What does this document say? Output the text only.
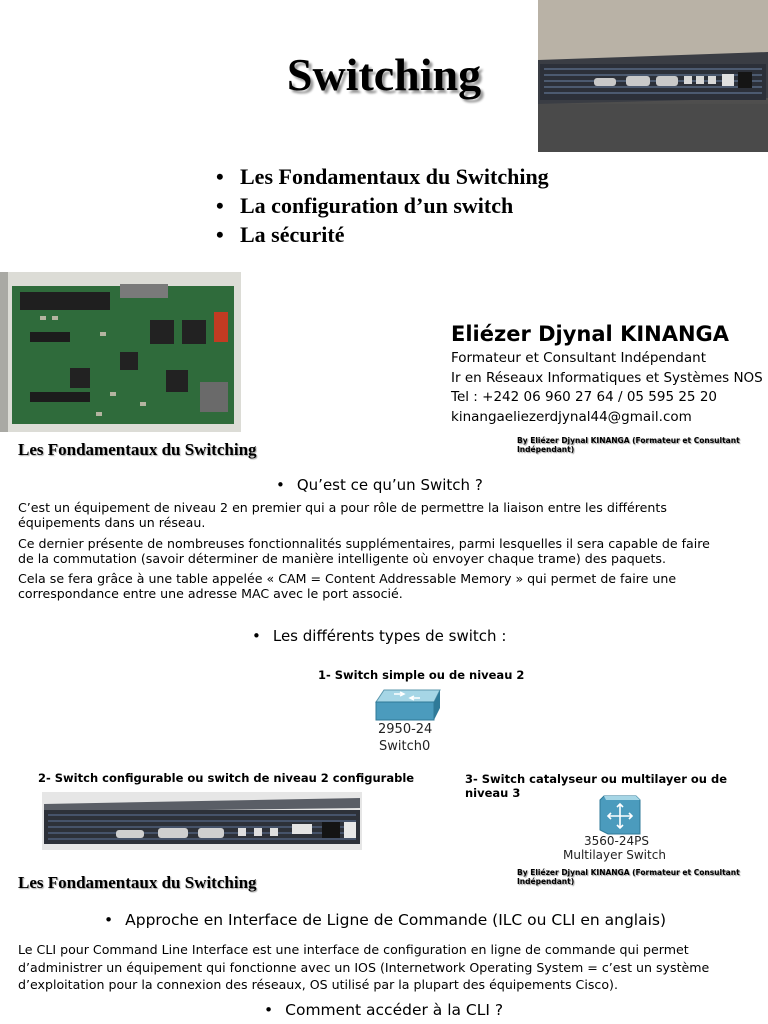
Switching
• Les Fondamentaux du Switching
• La configuration d’un switch
• La sécurité
Eliézer Djynal KINANGA
Formateur et Consultant Indépendant
Ir en Réseaux Informatiques et Systèmes NOS
Tel : +242 06 960 27 64 / 05 595 25 20
kinangaeliezerdjynal44@gmail.com
By Eliézer Djynal KINANGA (Formateur et Consultant Indépendant)
Les Fondamentaux du Switching
• Qu’est ce qu’un Switch ?
C’est un équipement de niveau 2 en premier qui a pour rôle de permettre la liaison entre les différents
équipements dans un réseau.
Ce dernier présente de nombreuses fonctionnalités supplémentaires, parmi lesquelles il sera capable de faire
de la commutation (savoir déterminer de manière intelligente où envoyer chaque trame) des paquets.
Cela se fera grâce à une table appelée « CAM = Content Addressable Memory » qui permet de faire une
correspondance entre une adresse MAC avec le port associé.
• Les différents types de switch :
1- Switch simple ou de niveau 2
2950-24
Switch0
2- Switch configurable ou switch de niveau 2 configurable	3- Switch catalyseur ou multilayer ou de niveau 3
3560-24PS
Multilayer Switch
By Eliézer Djynal KINANGA (Formateur et Consultant Indépendant)
Les Fondamentaux du Switching
• Approche en Interface de Ligne de Commande (ILC ou CLI en anglais)
Le CLI pour Command Line Interface est une interface de configuration en ligne de commande qui permet
d’administrer un équipement qui fonctionne avec un IOS (Internetwork Operating System = c’est un système
d’exploitation pour la connexion des réseaux, OS utilisé par la plupart des équipements Cisco).
• Comment accéder à la CLI ?
